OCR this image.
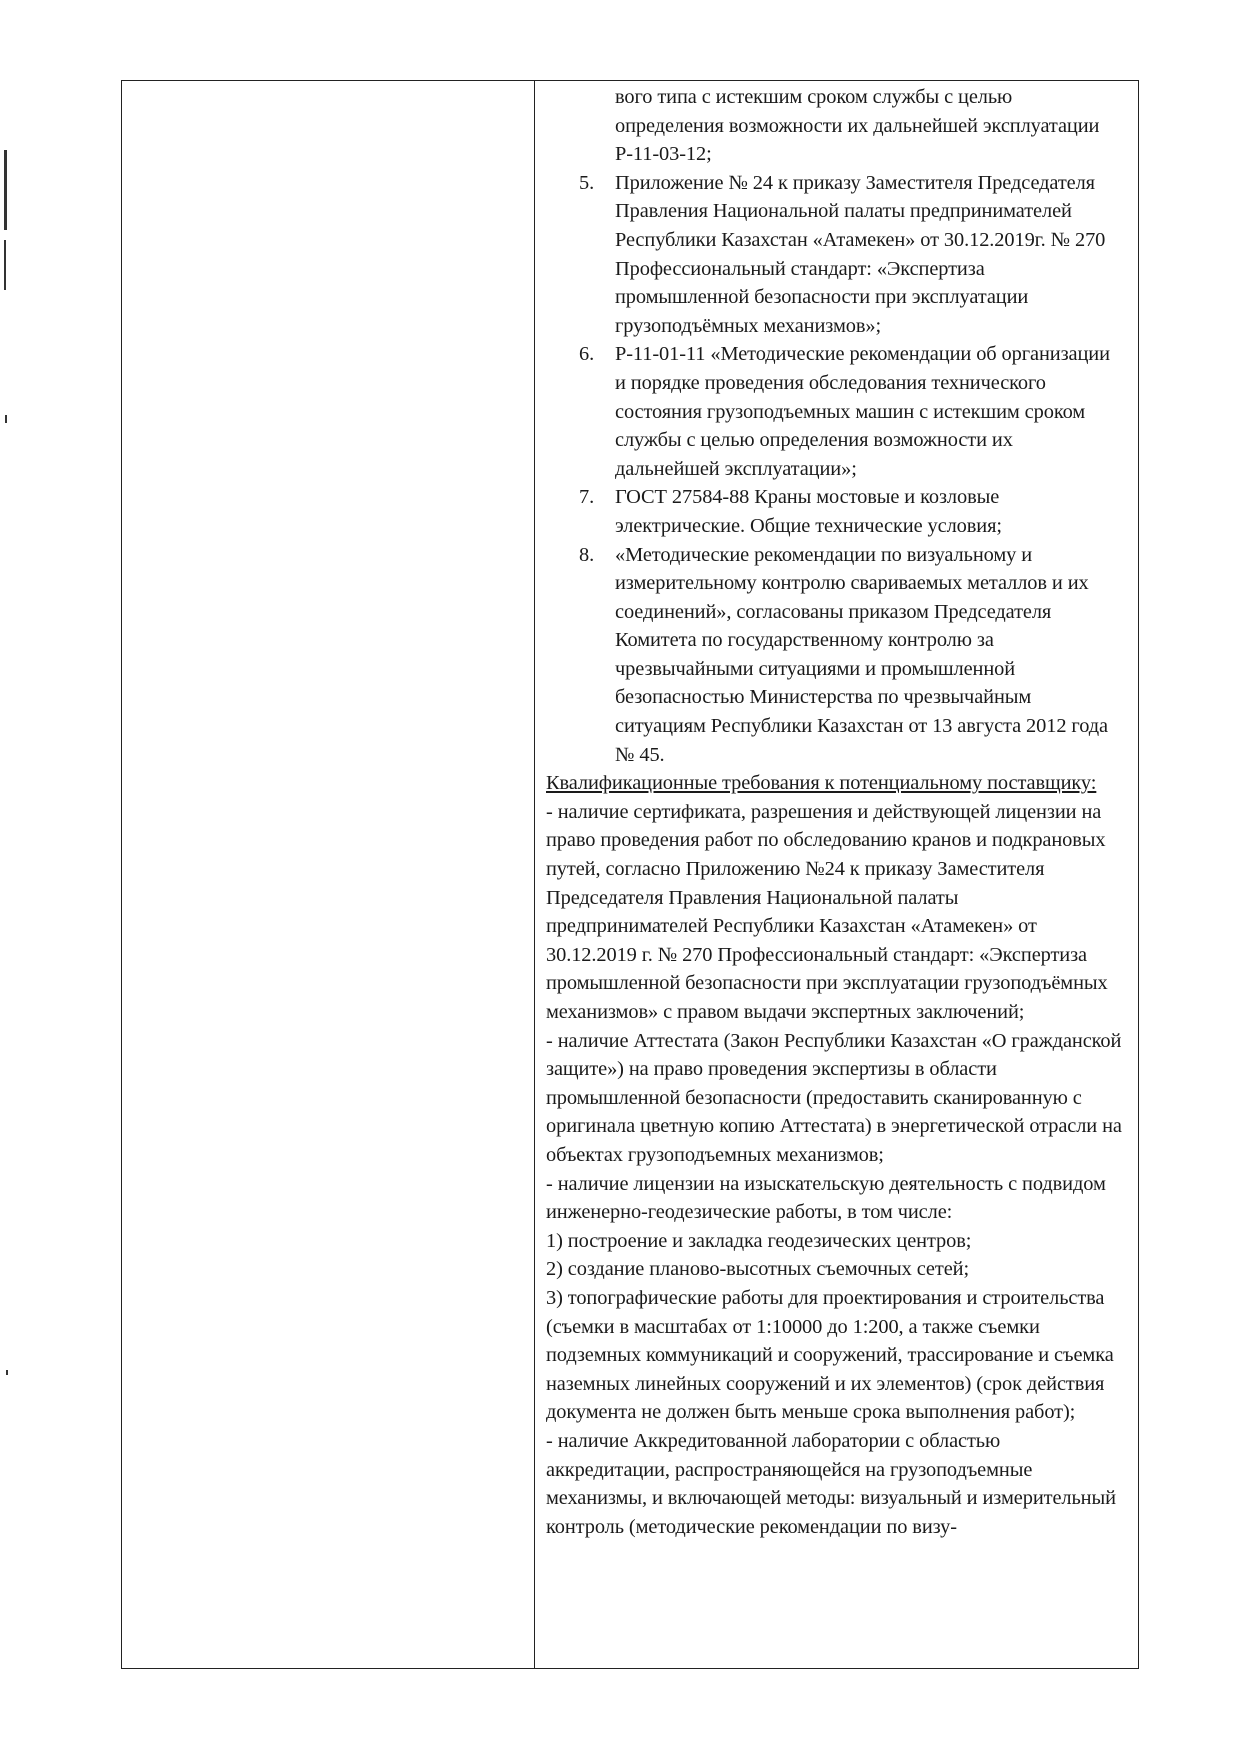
вого типа с истекшим сроком службы с целью определения возможности их дальнейшей эксплуатации Р-11-03-12;
5. Приложение № 24 к приказу Заместителя Председателя Правления Национальной палаты предпринимателей Республики Казахстан «Атамекен» от 30.12.2019г. № 270 Профессиональный стандарт: «Экспертиза промышленной безопасности при эксплуатации грузоподъёмных механизмов»;
6. Р-11-01-11 «Методические рекомендации об организации и порядке проведения обследования технического состояния грузоподъемных машин с истекшим сроком службы с целью определения возможности их дальнейшей эксплуатации»;
7. ГОСТ 27584-88 Краны мостовые и козловые электрические. Общие технические условия;
8. «Методические рекомендации по визуальному и измерительному контролю свариваемых металлов и их соединений», согласованы приказом Председателя Комитета по государственному контролю за чрезвычайными ситуациями и промышленной безопасностью Министерства по чрезвычайным ситуациям Республики Казахстан от 13 августа 2012 года № 45.
Квалификационные требования к потенциальному поставщику:
- наличие сертификата, разрешения и действующей лицензии на право проведения работ по обследованию кранов и подкрановых путей, согласно Приложению №24 к приказу Заместителя Председателя Правления Национальной палаты предпринимателей Республики Казахстан «Атамекен» от 30.12.2019 г. № 270 Профессиональный стандарт: «Экспертиза промышленной безопасности при эксплуатации грузоподъёмных механизмов» с правом выдачи экспертных заключений;
- наличие Аттестата (Закон Республики Казахстан «О гражданской защите») на право проведения экспертизы в области промышленной безопасности (предоставить сканированную с оригинала цветную копию Аттестата) в энергетической отрасли на объектах грузоподъемных механизмов;
- наличие лицензии на изыскательскую деятельность с подвидом инженерно-геодезические работы, в том числе:
1) построение и закладка геодезических центров;
2) создание планово-высотных съемочных сетей;
3) топографические работы для проектирования и строительства (съемки в масштабах от 1:10000 до 1:200, а также съемки подземных коммуникаций и сооружений, трассирование и съемка наземных линейных сооружений и их элементов) (срок действия документа не должен быть меньше срока выполнения работ);
- наличие Аккредитованной лаборатории с областью аккредитации, распространяющейся на грузоподъемные механизмы, и включающей методы: визуальный и измерительный контроль (методические рекомендации по визу-
